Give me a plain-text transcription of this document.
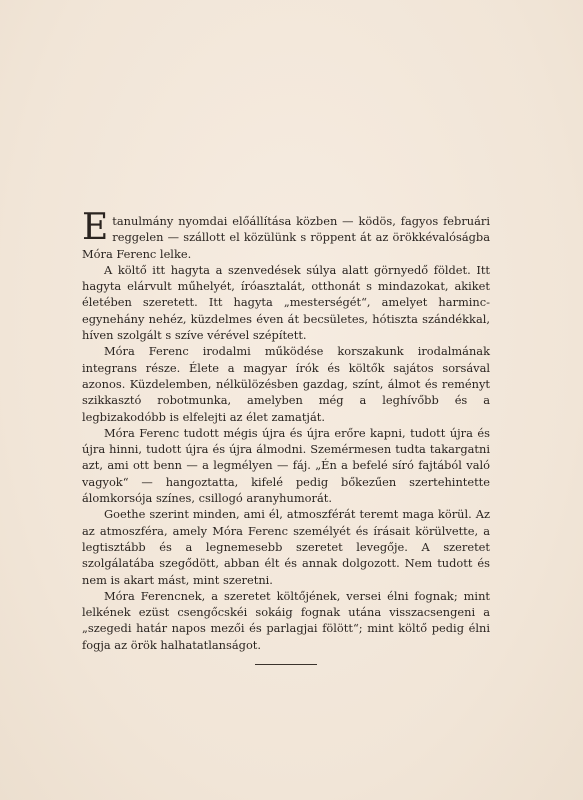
Etanulmány nyomdai előállítása közben — ködös, fagyos februári reggelen — szállott el közülünk s röppent át az örökkévalóságba Móra Ferenc lelke.

A költő itt hagyta a szenvedések súlya alatt görnyedő földet. Itt hagyta elárvult műhelyét, íróasztalát, otthonát s mindazokat, akiket életében szeretett. Itt hagyta „mesterségét“, amelyet harminc-egynehány nehéz, küzdelmes éven át becsületes, hótiszta szándékkal, híven szolgált s szíve vérével szépített.

Móra Ferenc irodalmi működése korszakunk irodalmának integrans része. Élete a magyar írók és költők sajátos sorsával azonos. Küzdelemben, nélkülözésben gazdag, színt, álmot és reményt szikkasztó robotmunka, amelyben még a leghívőbb és a legbizakodóbb is elfelejti az élet zamatját.

Móra Ferenc tudott mégis újra és újra erőre kapni, tudott újra és újra hinni, tudott újra és újra álmodni. Szemérmesen tudta takargatni azt, ami ott benn — a legmélyen — fáj. „Én a befelé síró fajtából való vagyok“ — hangoztatta, kifelé pedig bőkezűen szertehintette álomkorsója színes, csillogó aranyhumorát.

Goethe szerint minden, ami él, atmoszférát teremt maga körül. Az az atmoszféra, amely Móra Ferenc személyét és írásait körülvette, a legtisztább és a legnemesebb szeretet levegője. A szeretet szolgálatába szegődött, abban élt és annak dolgozott. Nem tudott és nem is akart mást, mint szeretni.

Móra Ferencnek, a szeretet költőjének, versei élni fognak; mint lelkének ezüst csengőcskéi sokáig fognak utána visszacsengeni a „szegedi határ napos mezői és parlagjai fölött“; mint költő pedig élni fogja az örök halhatatlanságot.
